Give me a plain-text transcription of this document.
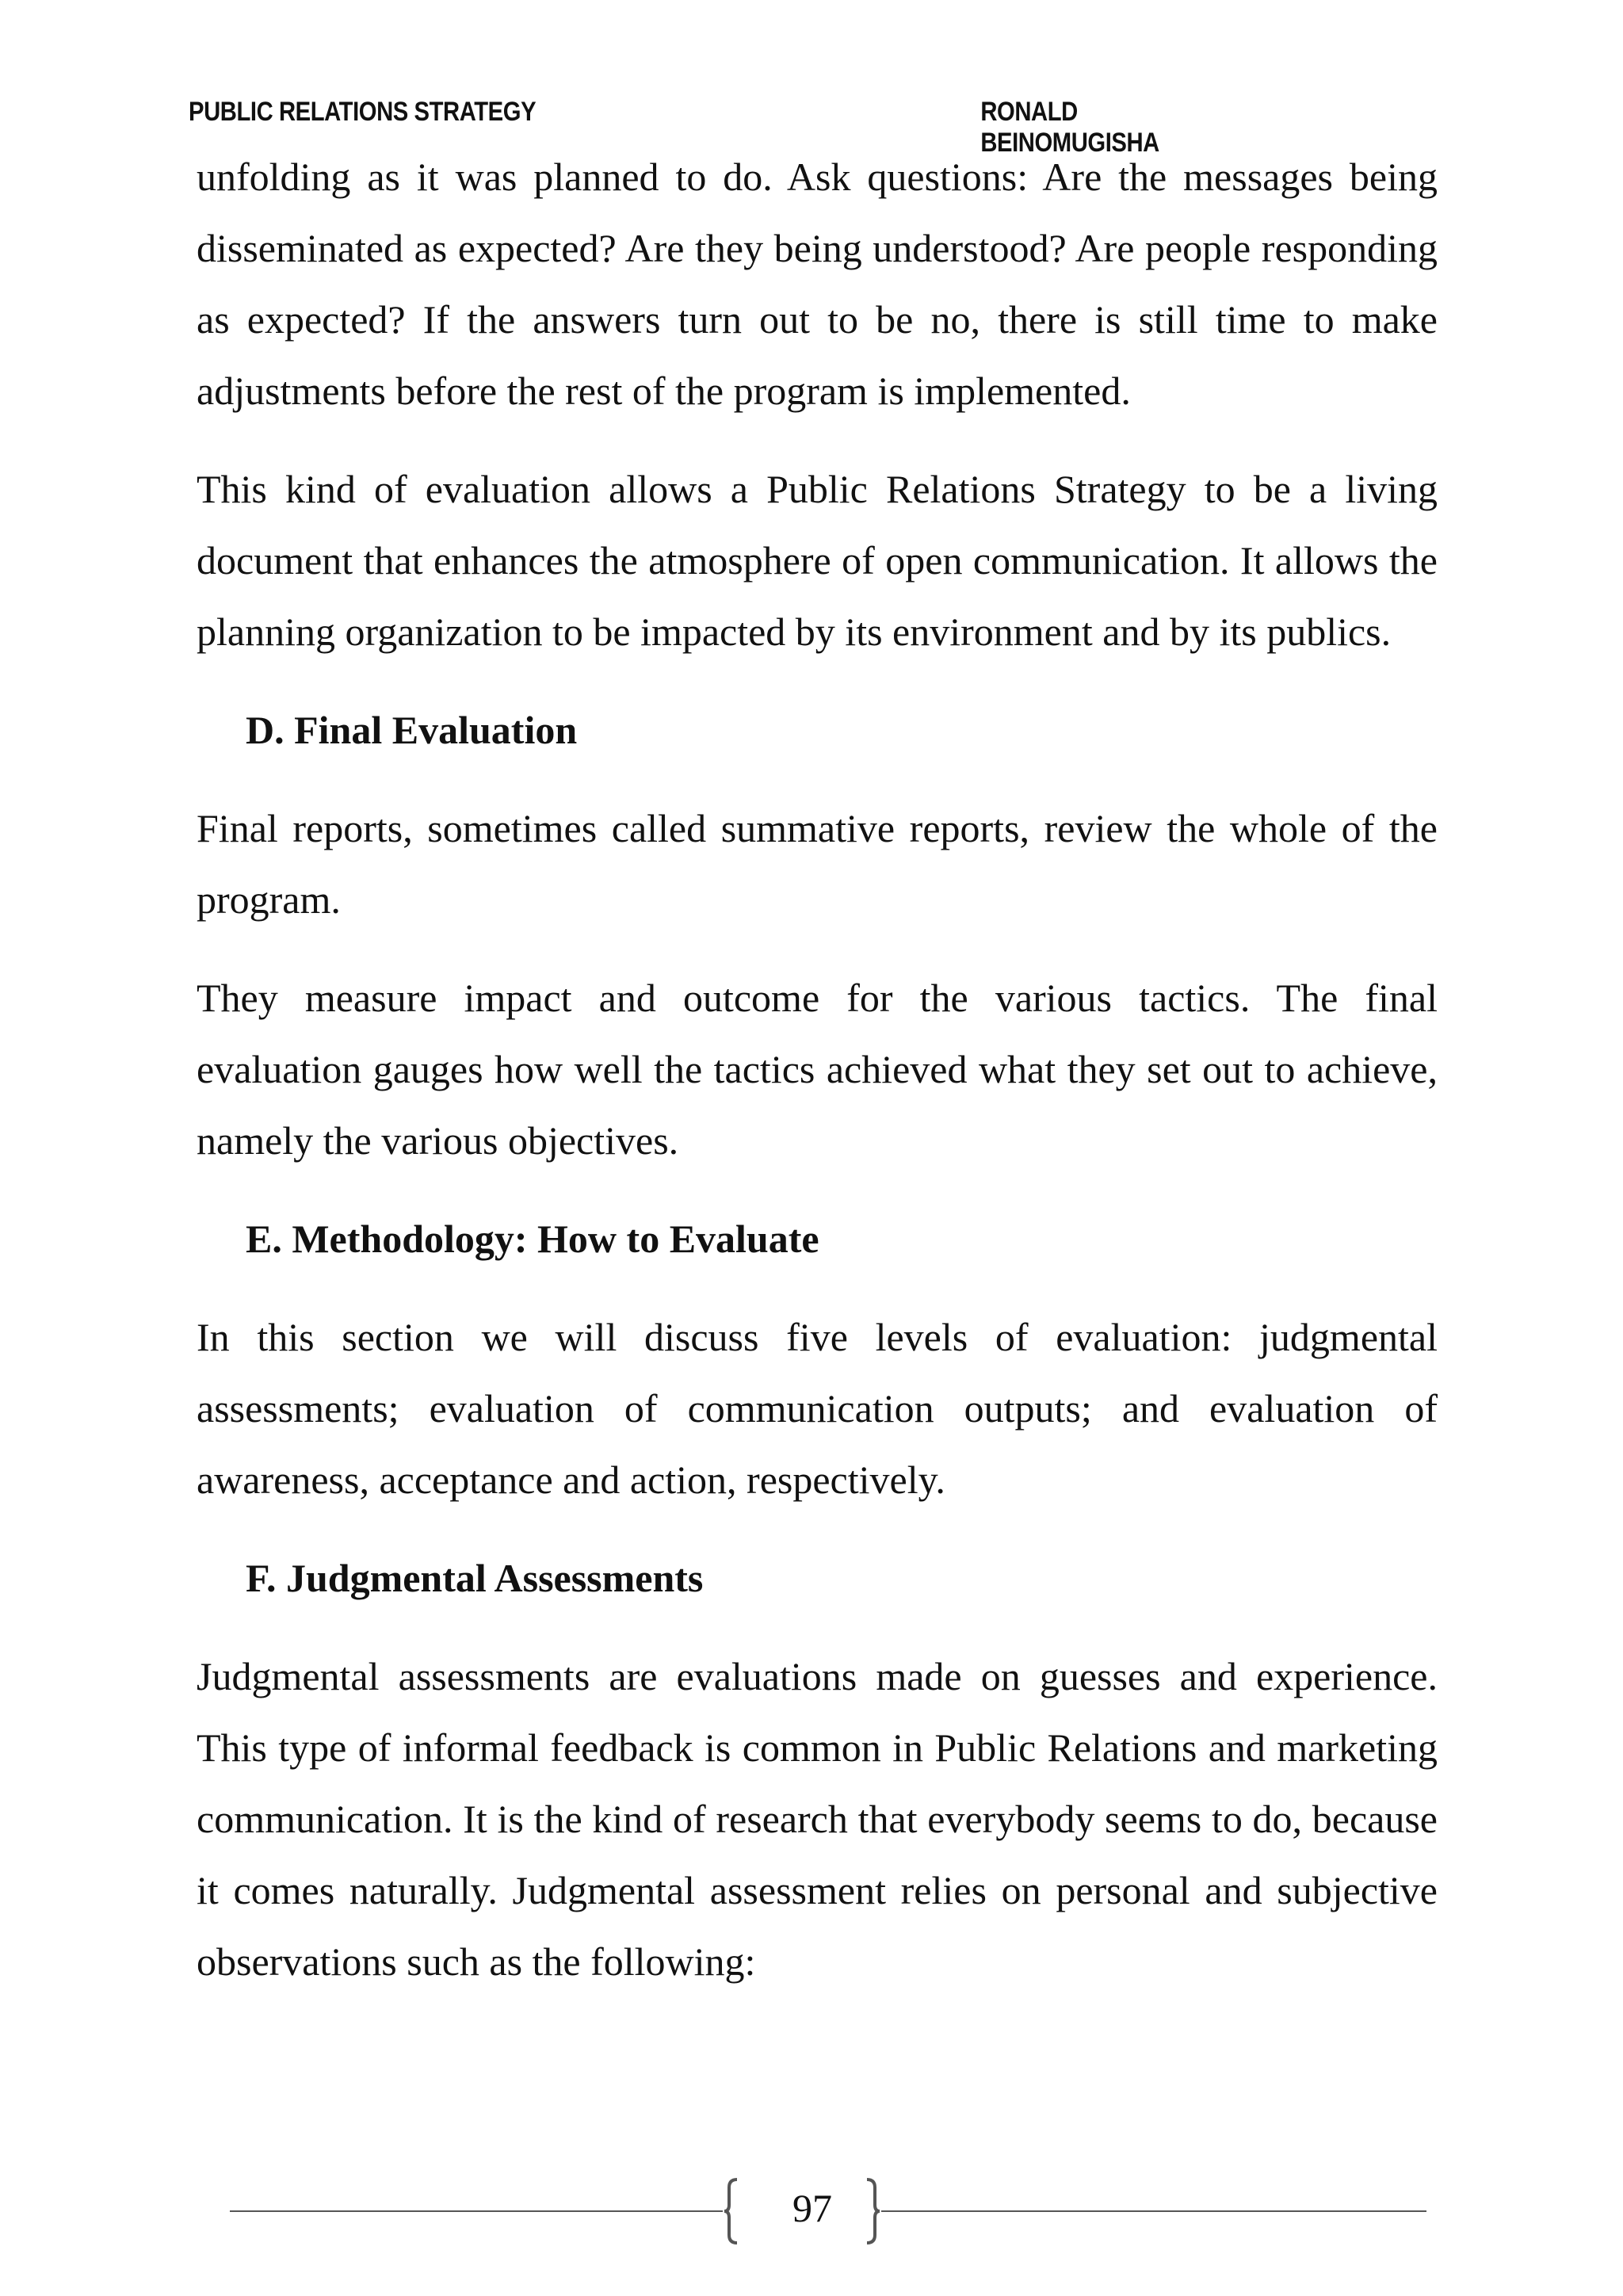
PUBLIC RELATIONS STRATEGY	RONALD BEINOMUGISHA

unfolding as it was planned to do. Ask questions: Are the messages being disseminated as expected? Are they being understood? Are people responding as expected? If the answers turn out to be no, there is still time to make adjustments before the rest of the program is implemented.

This kind of evaluation allows a Public Relations Strategy to be a living document that enhances the atmosphere of open communication. It allows the planning organization to be impacted by its environment and by its publics.

D. Final Evaluation

Final reports, sometimes called summative reports, review the whole of the program.

They measure impact and outcome for the various tactics. The final evaluation gauges how well the tactics achieved what they set out to achieve, namely the various objectives.

E. Methodology: How to Evaluate

In this section we will discuss five levels of evaluation: judgmental assessments; evaluation of communication outputs; and evaluation of awareness, acceptance and action, respectively.

F. Judgmental Assessments

Judgmental assessments are evaluations made on guesses and experience. This type of informal feedback is common in Public Relations and marketing communication. It is the kind of research that everybody seems to do, because it comes naturally. Judgmental assessment relies on personal and subjective observations such as the following:

97
